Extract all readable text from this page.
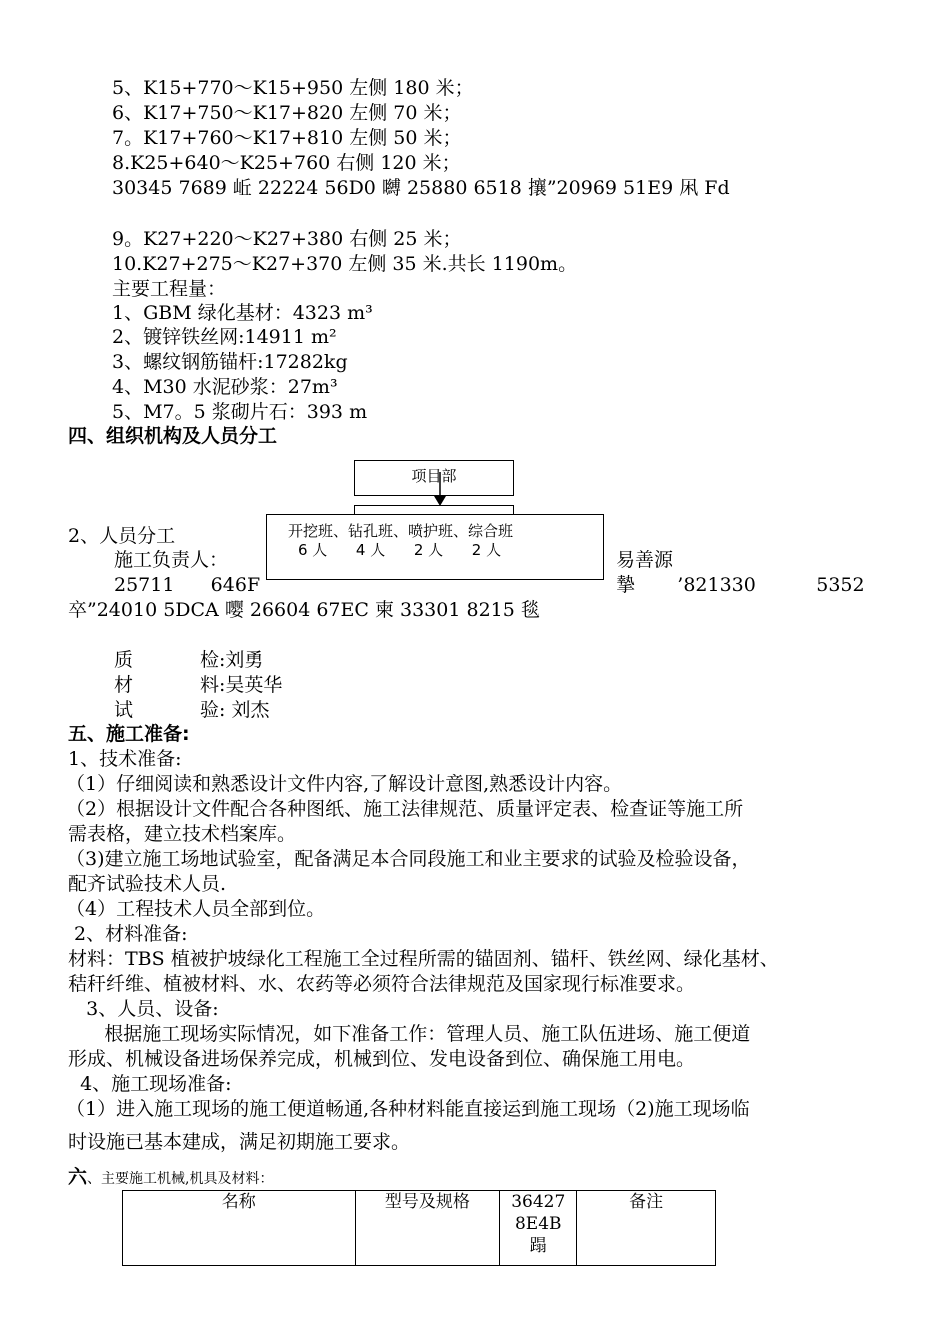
5、K15+770～K15+950 左侧 180 米；
6、K17+750～K17+820 左侧 70 米；
7。K17+760～K17+810 左侧 50 米；
8.K25+640～K25+760 右侧 120 米；
30345 7689 岴 22224 56D0 嚩 25880 6518 攘”20969 51E9 凩 Fd
9。K27+220～K27+380 右侧 25 米；
10.K27+275～K27+370 左侧 35 米.共长 1190m。
主要工程量：
1、GBM 绿化基材：4323 m³
2、镀锌铁丝网:14911 m²
3、螺纹钢筋锚杆:17282kg
4、M30 水泥砂浆：27m³
5、M7。5 浆砌片石：393 m
四、组织机构及人员分工
项目部
开挖班、钻孔班、喷护班、综合班
6 人      4 人      2 人      2 人
2、人员分工
施工负责人：	易善源
25711      646F	摯       ’821330          5352
卒”24010 5DCA 嘤 26604 67EC 柬 33301 8215 毯
质	检 :刘勇
材	料 :吴英华
试	验 : 刘杰
五、施工准备:
1、技术准备:
（1）仔细阅读和熟悉设计文件内容,了解设计意图,熟悉设计内容。
（2）根据设计文件配合各种图纸、施工法律规范、质量评定表、检查证等施工所
需表格，建立技术档案库。
（3)建立施工场地试验室，配备满足本合同段施工和业主要求的试验及检验设备，
配齐试验技术人员.
（4）工程技术人员全部到位。
2、材料准备:
材料：TBS 植被护坡绿化工程施工全过程所需的锚固剂、锚杆、铁丝网、绿化基材、
秸秆纤维、植被材料、水、农药等必须符合法律规范及国家现行标准要求。
3、人员、设备:
根据施工现场实际情况，如下准备工作：管理人员、施工队伍进场、施工便道
形成、机械设备进场保养完成，机械到位、发电设备到位、确保施工用电。
4、施工现场准备:
（1）进入施工现场的施工便道畅通,各种材料能直接运到施工现场（2)施工现场临
时设施已基本建成，满足初期施工要求。
六、主要施工机械,机具及材料：
名称	型号及规格	36427
8E4B
蹋	备注
